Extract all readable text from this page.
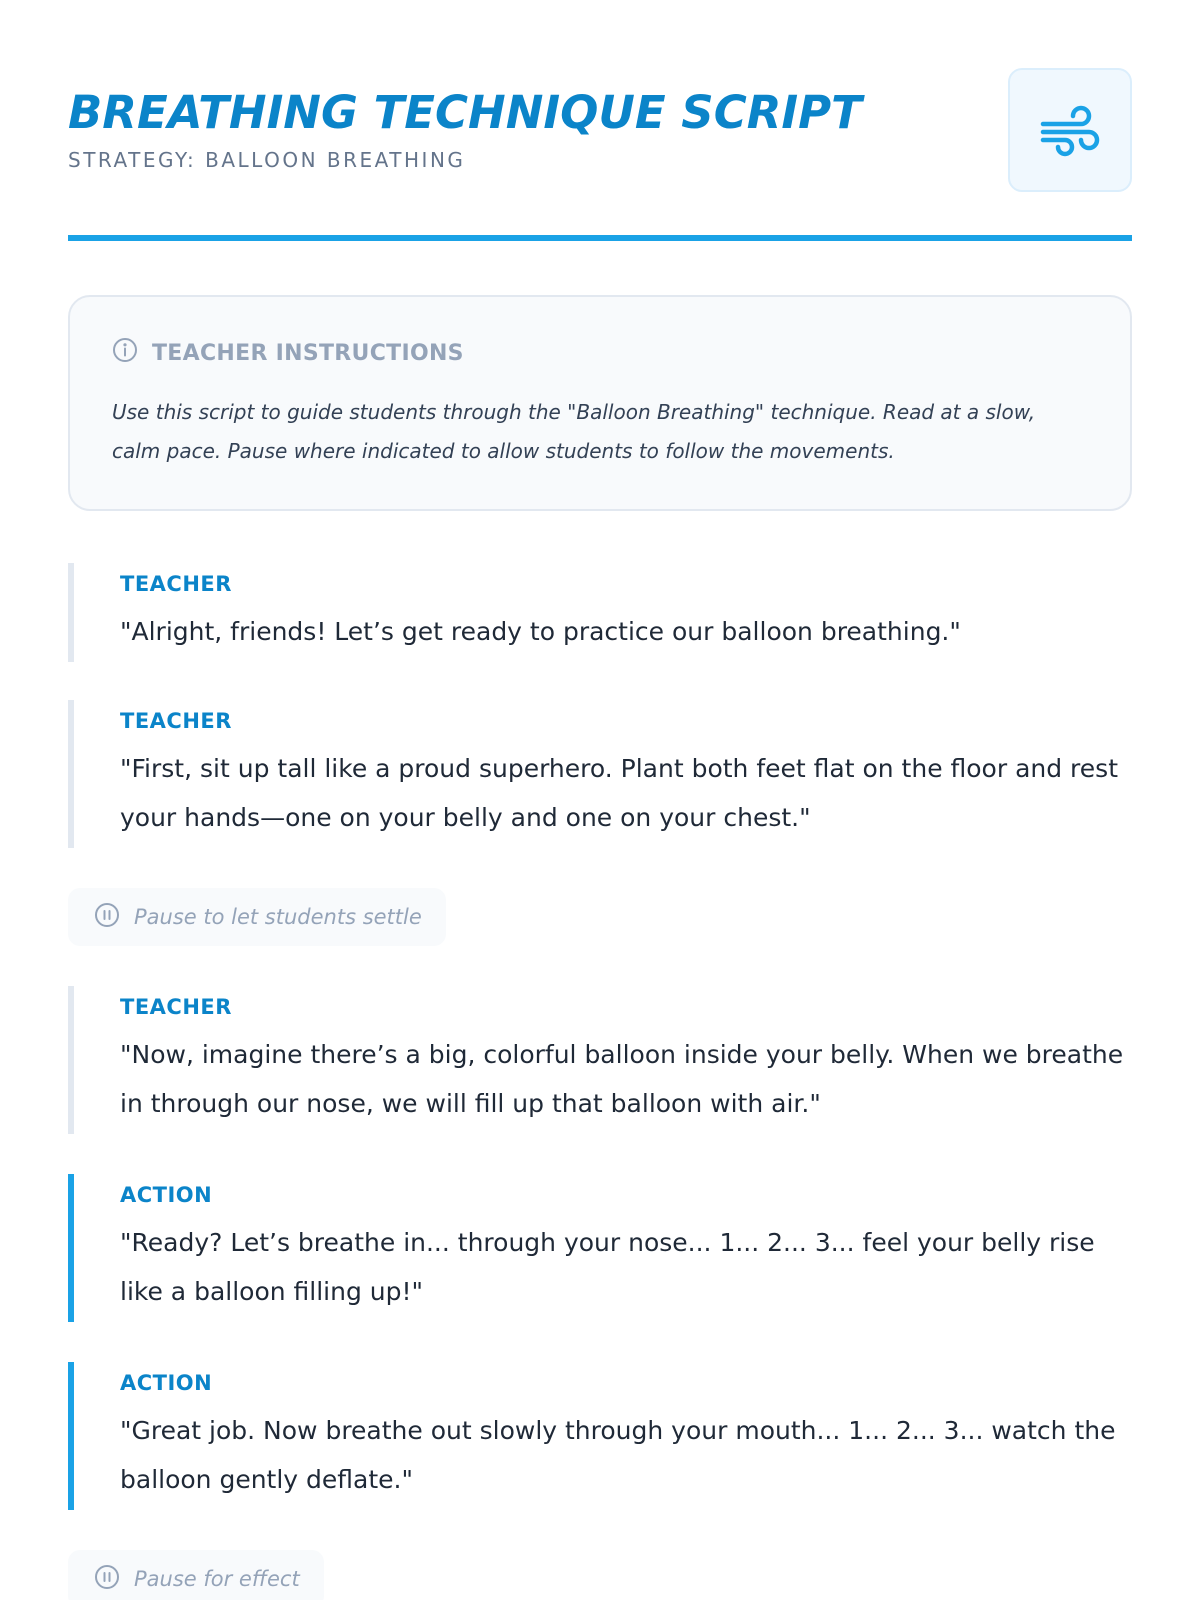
BREATHING TECHNIQUE SCRIPT
STRATEGY: BALLOON BREATHING
TEACHER INSTRUCTIONS
Use this script to guide students through the "Balloon Breathing" technique. Read at a slow, calm pace. Pause where indicated to allow students to follow the movements.
TEACHER
"Alright, friends! Let’s get ready to practice our balloon breathing."
TEACHER
"First, sit up tall like a proud superhero. Plant both feet flat on the floor and rest your hands—one on your belly and one on your chest."
Pause to let students settle
TEACHER
"Now, imagine there’s a big, colorful balloon inside your belly. When we breathe in through our nose, we will fill up that balloon with air."
ACTION
"Ready? Let’s breathe in... through your nose... 1... 2... 3... feel your belly rise like a balloon filling up!"
ACTION
"Great job. Now breathe out slowly through your mouth... 1... 2... 3... watch the balloon gently deflate."
Pause for effect
